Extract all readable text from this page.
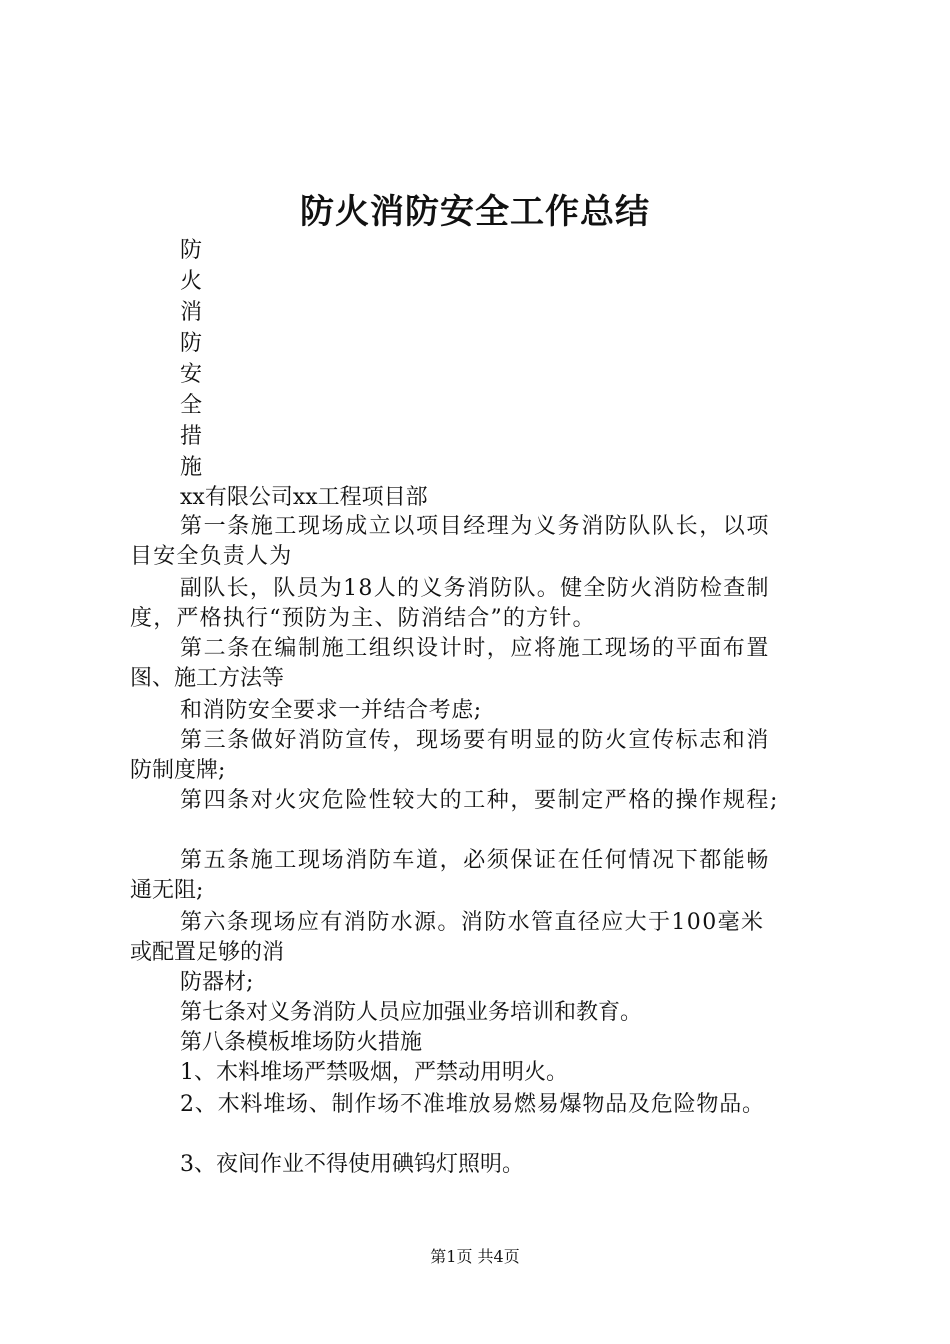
防火消防安全工作总结
防
火
消
防
安
全
措
施
xx有限公司xx工程项目部
第一条施工现场成立以项目经理为义务消防队队长，以项
目安全负责人为
副队长，队员为18人的义务消防队。健全防火消防检查制
度，严格执行“预防为主、防消结合”的方针。
第二条在编制施工组织设计时，应将施工现场的平面布置
图、施工方法等
和消防安全要求一并结合考虑;
第三条做好消防宣传，现场要有明显的防火宣传标志和消
防制度牌;
第四条对火灾危险性较大的工种，要制定严格的操作规程;
第五条施工现场消防车道，必须保证在任何情况下都能畅
通无阻;
第六条现场应有消防水源。消防水管直径应大于100毫米
或配置足够的消
防器材;
第七条对义务消防人员应加强业务培训和教育。
第八条模板堆场防火措施
1、木料堆场严禁吸烟，严禁动用明火。
2、木料堆场、制作场不准堆放易燃易爆物品及危险物品。
3、夜间作业不得使用碘钨灯照明。
第1页 共4页
